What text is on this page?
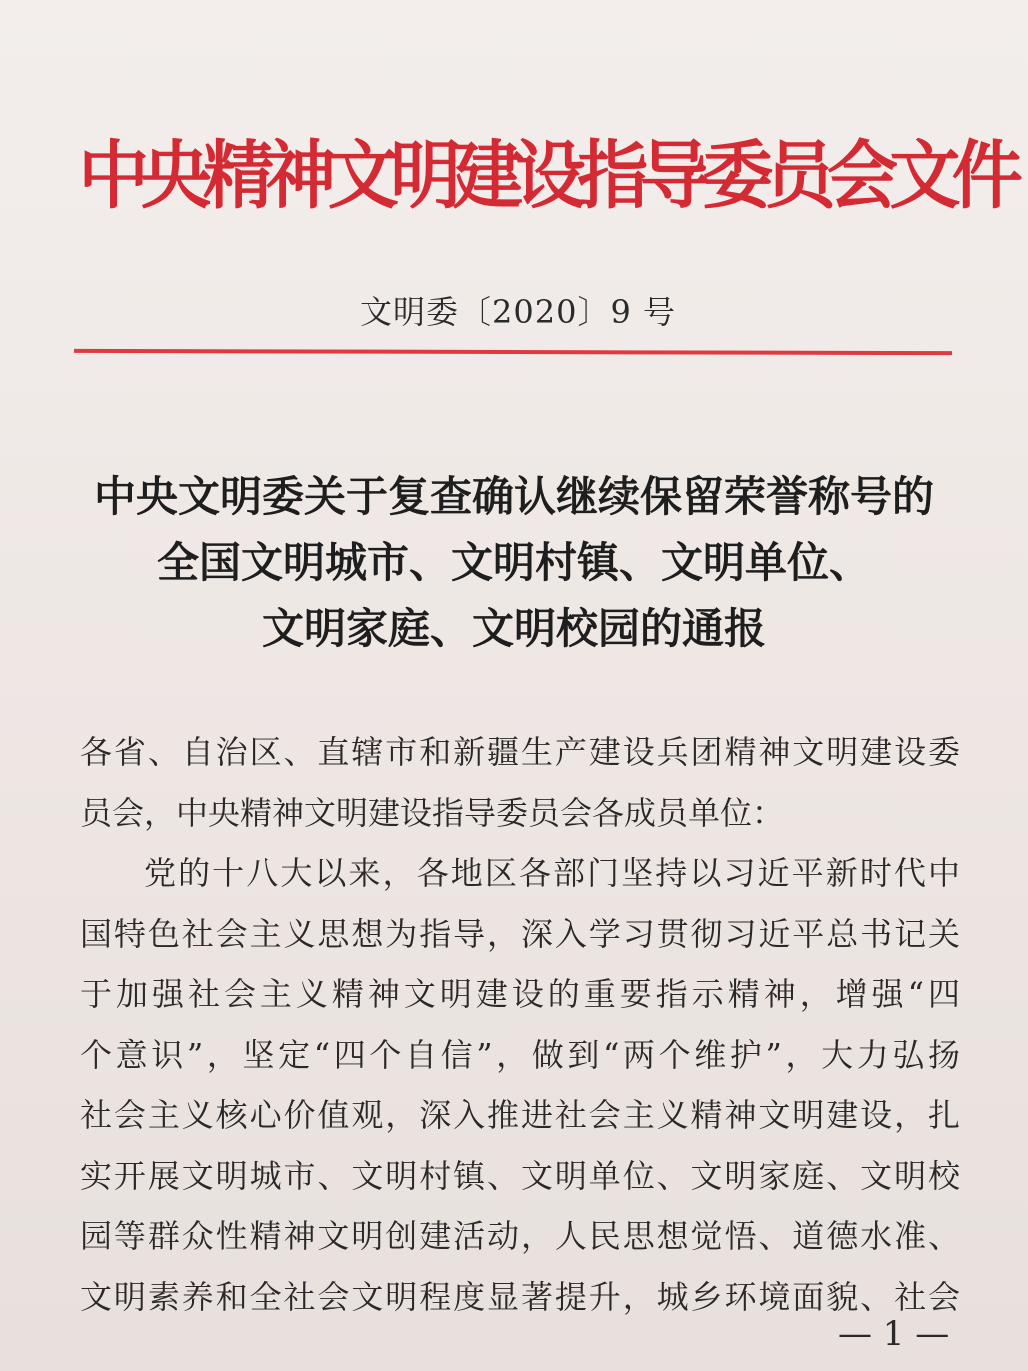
中央精神文明建设指导委员会文件
文明委〔2020〕9 号
中央文明委关于复查确认继续保留荣誉称号的
全国文明城市、文明村镇、文明单位、
文明家庭、文明校园的通报
各省、自治区、直辖市和新疆生产建设兵团精神文明建设委
员会，中央精神文明建设指导委员会各成员单位：
党的十八大以来，各地区各部门坚持以习近平新时代中
国特色社会主义思想为指导，深入学习贯彻习近平总书记关
于加强社会主义精神文明建设的重要指示精神，增强“四
个意识”，坚定“四个自信”，做到“两个维护”，大力弘扬
社会主义核心价值观，深入推进社会主义精神文明建设，扎
实开展文明城市、文明村镇、文明单位、文明家庭、文明校
园等群众性精神文明创建活动，人民思想觉悟、道德水准、
文明素养和全社会文明程度显著提升，城乡环境面貌、社会
— 1 —
